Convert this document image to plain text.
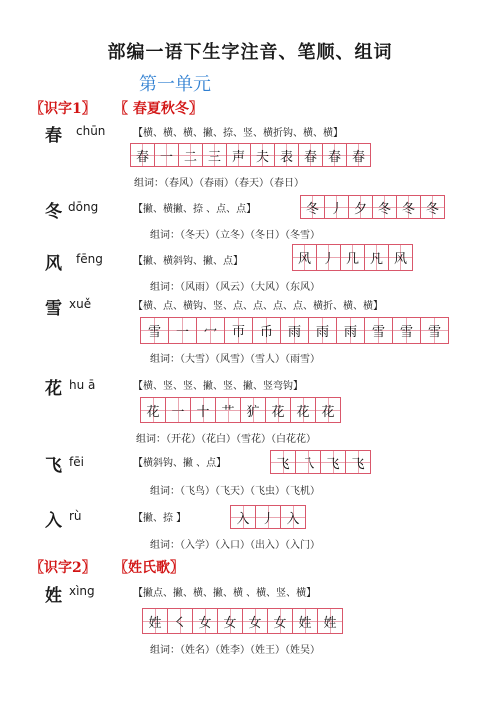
部编一语下生字注音、笔顺、组词
第一单元
〖识字1〗 〖 春夏秋冬〗
春 chūn	【横、横、横、撇、捺、竖、横折钩、横、横】
春 一 二 三 声 夫 表 春 春 春
组词：（春风）（春雨）（春天）（春日）
冬 dōng	【撇、横撇、捺 、点、点】	冬 丿 夕 冬 冬 冬
组词：（冬天）（立冬）（冬日）（冬雪）
风 fēng	【撇、横斜钩、撇、点】	风 丿 几 凡 风
组词：（风雨）（风云）（大风）（东风）
雪 xuě	【横、点、横钩、竖、点、点、点、点、横折、横、横】
雪 一 冖 帀 币 雨 雨 雨 雪 雪 雪
组词：（大雪）（风雪）（雪人）（雨雪）
花 hu ā	【横、竖、竖、撇、竖、撇、竖弯钩】
花 一 十 艹 犷 花 花 花
组词：（开花）（花白）（雪花）（白花花）
飞 fēi	【横斜钩、撇 、点】	飞 乁 飞 飞
组词：（飞鸟）（飞天）（飞虫）（飞机）
入 rù	【撇、捺 】	入 丿 入
组词：（入学）（入口）（出入）（入门）
〖识字2〗 〖姓氏歌〗
姓 xìng	【撇点、撇、横、撇、横 、横、竖、横】
姓 ㇛ 女 女 女 女 姓 姓
组词：（姓名）（姓李）（姓王）（姓吴）
